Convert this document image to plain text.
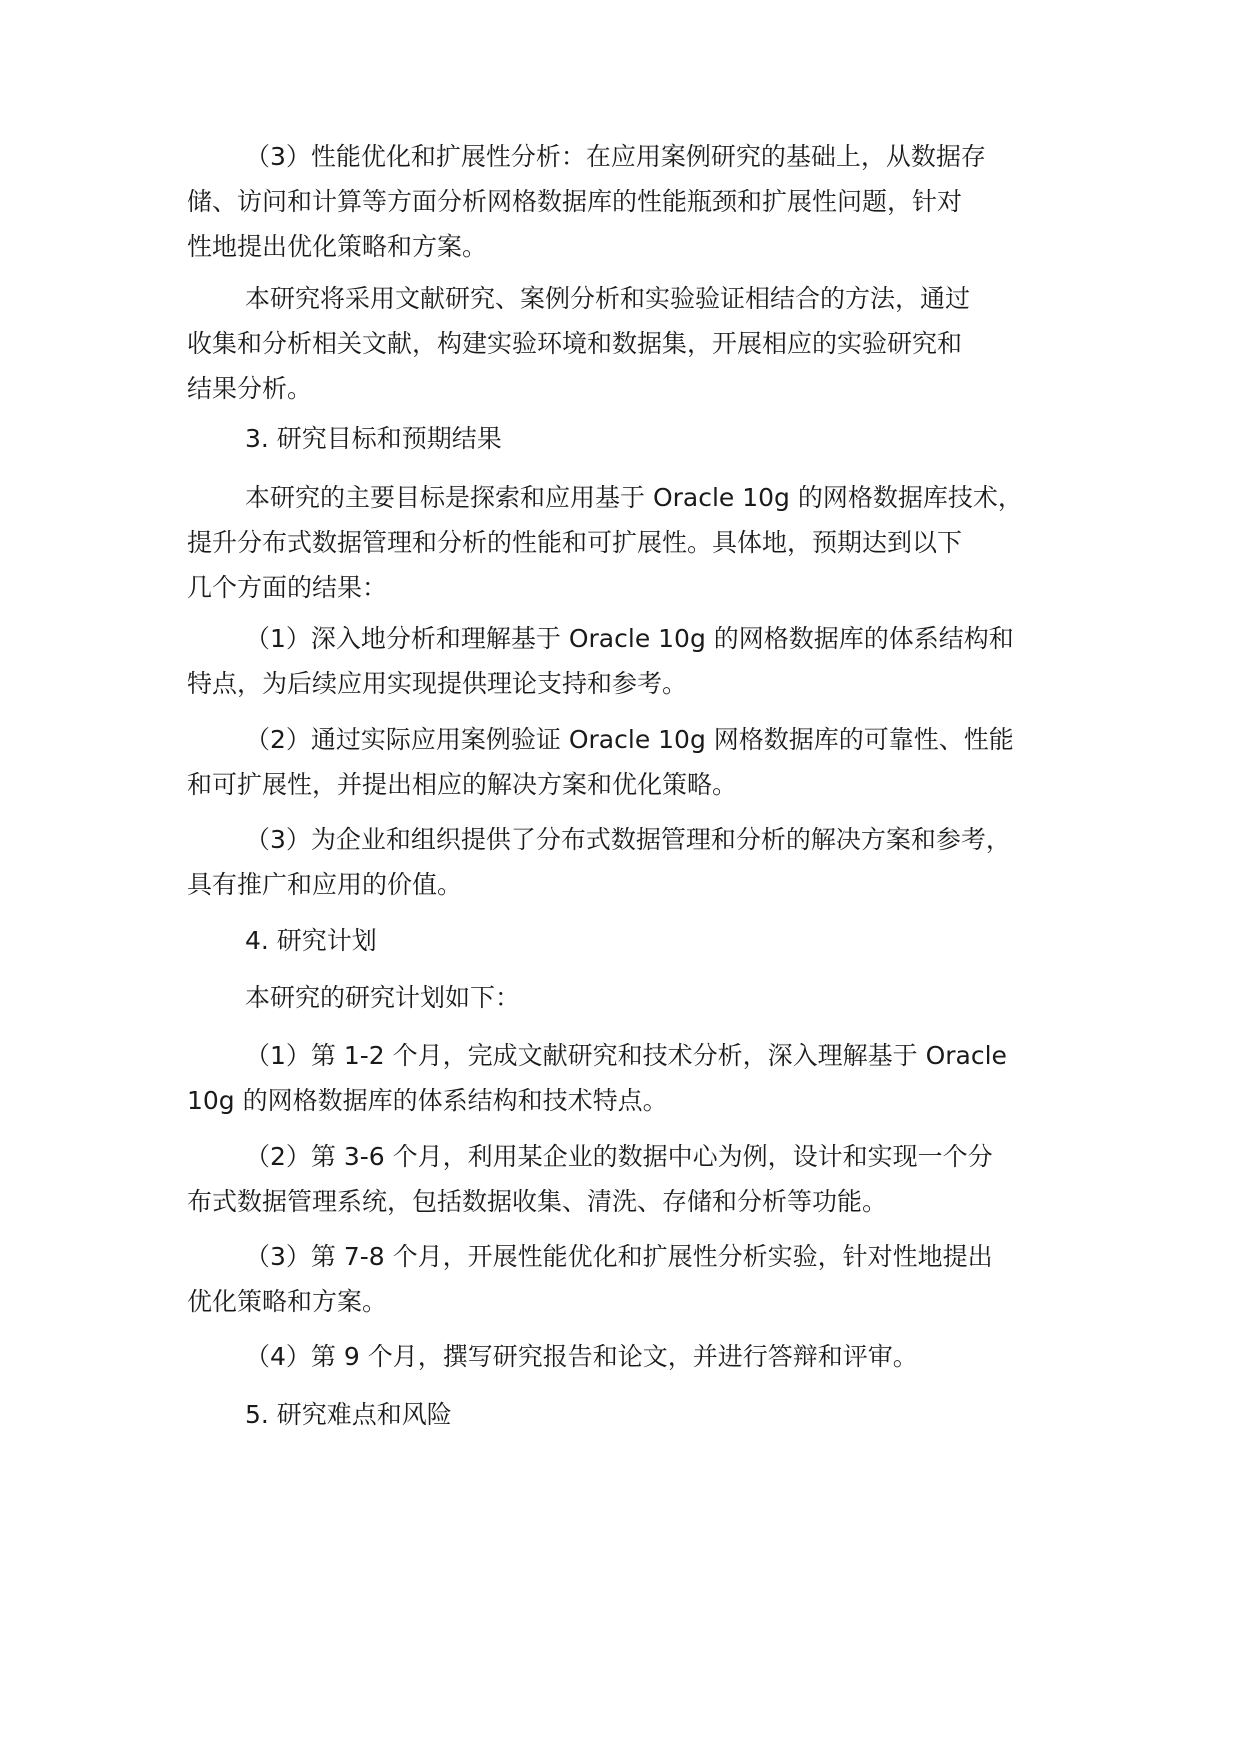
（3）性能优化和扩展性分析：在应用案例研究的基础上，从数据存
储、访问和计算等方面分析网格数据库的性能瓶颈和扩展性问题，针对
性地提出优化策略和方案。

本研究将采用文献研究、案例分析和实验验证相结合的方法，通过
收集和分析相关文献，构建实验环境和数据集，开展相应的实验研究和
结果分析。

3. 研究目标和预期结果

本研究的主要目标是探索和应用基于 Oracle 10g 的网格数据库技术，
提升分布式数据管理和分析的性能和可扩展性。具体地，预期达到以下
几个方面的结果：

（1）深入地分析和理解基于 Oracle 10g 的网格数据库的体系结构和
特点，为后续应用实现提供理论支持和参考。

（2）通过实际应用案例验证 Oracle 10g 网格数据库的可靠性、性能
和可扩展性，并提出相应的解决方案和优化策略。

（3）为企业和组织提供了分布式数据管理和分析的解决方案和参考，
具有推广和应用的价值。

4. 研究计划

本研究的研究计划如下：

（1）第 1-2 个月，完成文献研究和技术分析，深入理解基于 Oracle
10g 的网格数据库的体系结构和技术特点。

（2）第 3-6 个月，利用某企业的数据中心为例，设计和实现一个分
布式数据管理系统，包括数据收集、清洗、存储和分析等功能。

（3）第 7-8 个月，开展性能优化和扩展性分析实验，针对性地提出
优化策略和方案。

（4）第 9 个月，撰写研究报告和论文，并进行答辩和评审。

5. 研究难点和风险
